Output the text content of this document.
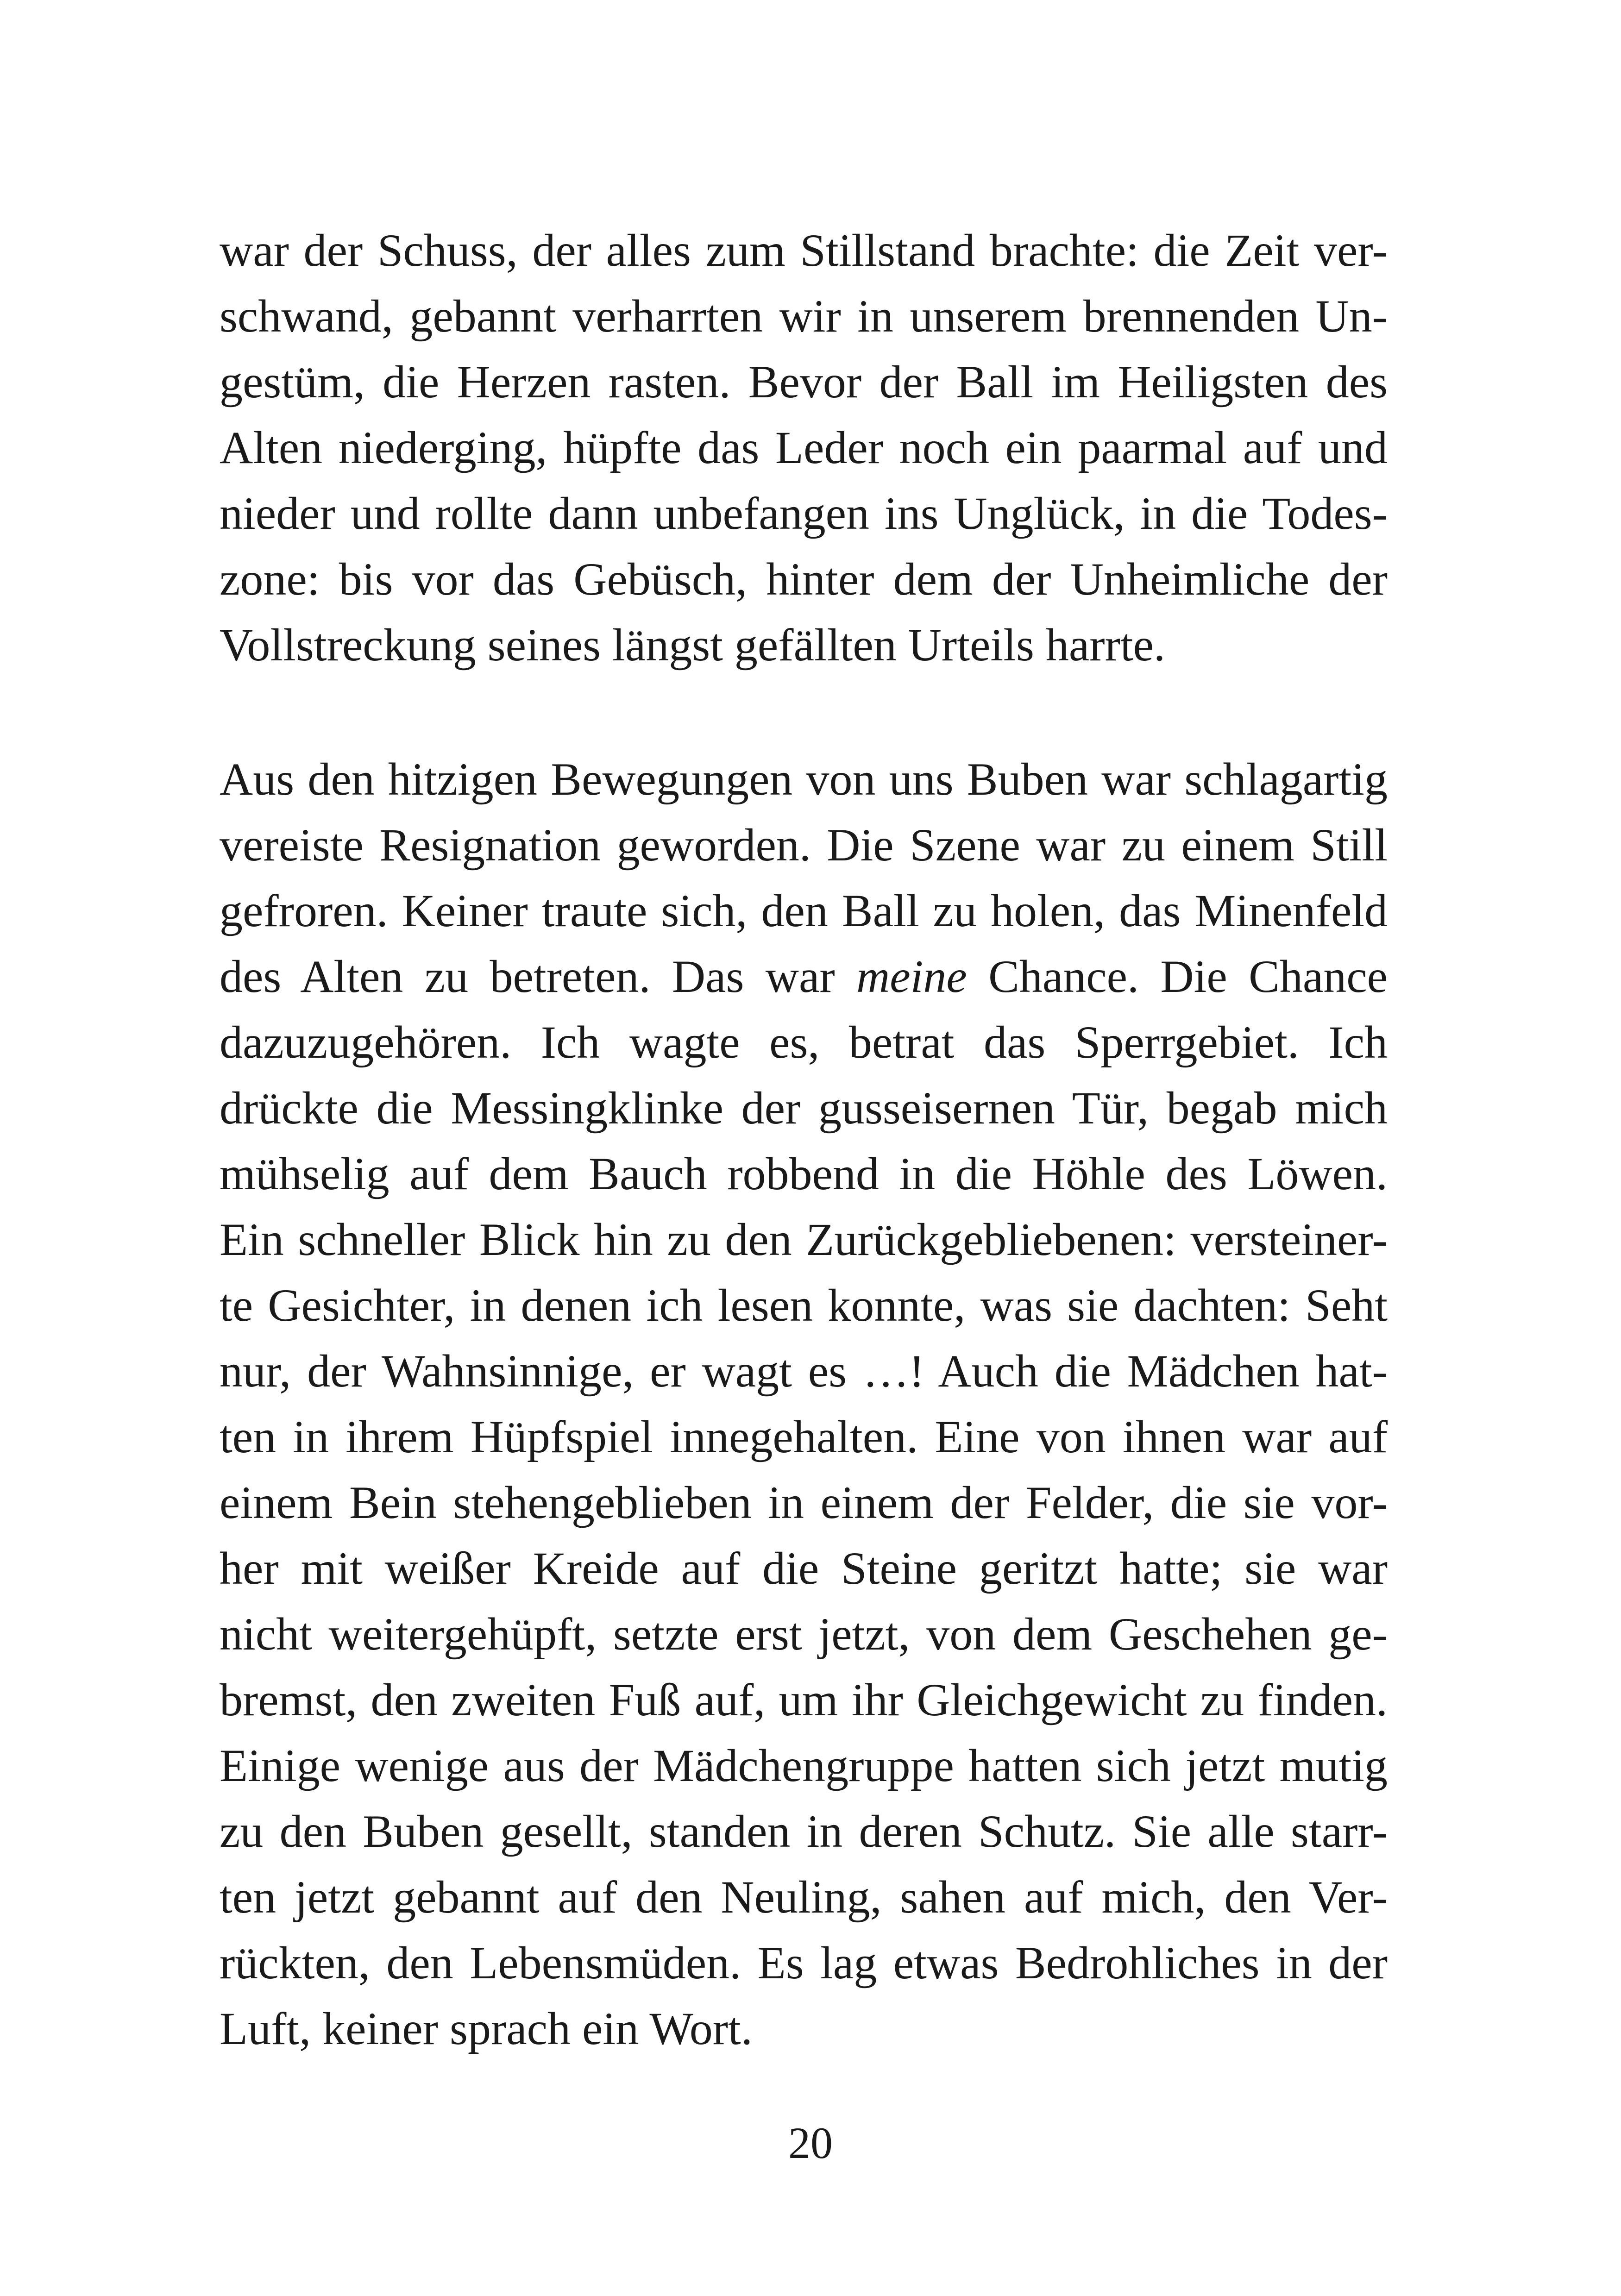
war der Schuss, der alles zum Stillstand brachte: die Zeit ver-
schwand, gebannt verharrten wir in unserem brennenden Un-
gestüm, die Herzen rasten. Bevor der Ball im Heiligsten des
Alten niederging, hüpfte das Leder noch ein paarmal auf und
nieder und rollte dann unbefangen ins Unglück, in die Todes-
zone: bis vor das Gebüsch, hinter dem der Unheimliche der
Vollstreckung seines längst gefällten Urteils harrte.
Aus den hitzigen Bewegungen von uns Buben war schlagartig
vereiste Resignation geworden. Die Szene war zu einem Still
gefroren. Keiner traute sich, den Ball zu holen, das Minenfeld
des Alten zu betreten. Das war meine Chance. Die Chance
dazuzugehören. Ich wagte es, betrat das Sperrgebiet. Ich
drückte die Messingklinke der gusseisernen Tür, begab mich
mühselig auf dem Bauch robbend in die Höhle des Löwen.
Ein schneller Blick hin zu den Zurückgebliebenen: versteiner-
te Gesichter, in denen ich lesen konnte, was sie dachten: Seht
nur, der Wahnsinnige, er wagt es …! Auch die Mädchen hat-
ten in ihrem Hüpfspiel innegehalten. Eine von ihnen war auf
einem Bein stehengeblieben in einem der Felder, die sie vor-
her mit weißer Kreide auf die Steine geritzt hatte; sie war
nicht weitergehüpft, setzte erst jetzt, von dem Geschehen ge-
bremst, den zweiten Fuß auf, um ihr Gleichgewicht zu finden.
Einige wenige aus der Mädchengruppe hatten sich jetzt mutig
zu den Buben gesellt, standen in deren Schutz. Sie alle starr-
ten jetzt gebannt auf den Neuling, sahen auf mich, den Ver-
rückten, den Lebensmüden. Es lag etwas Bedrohliches in der
Luft, keiner sprach ein Wort.
20
